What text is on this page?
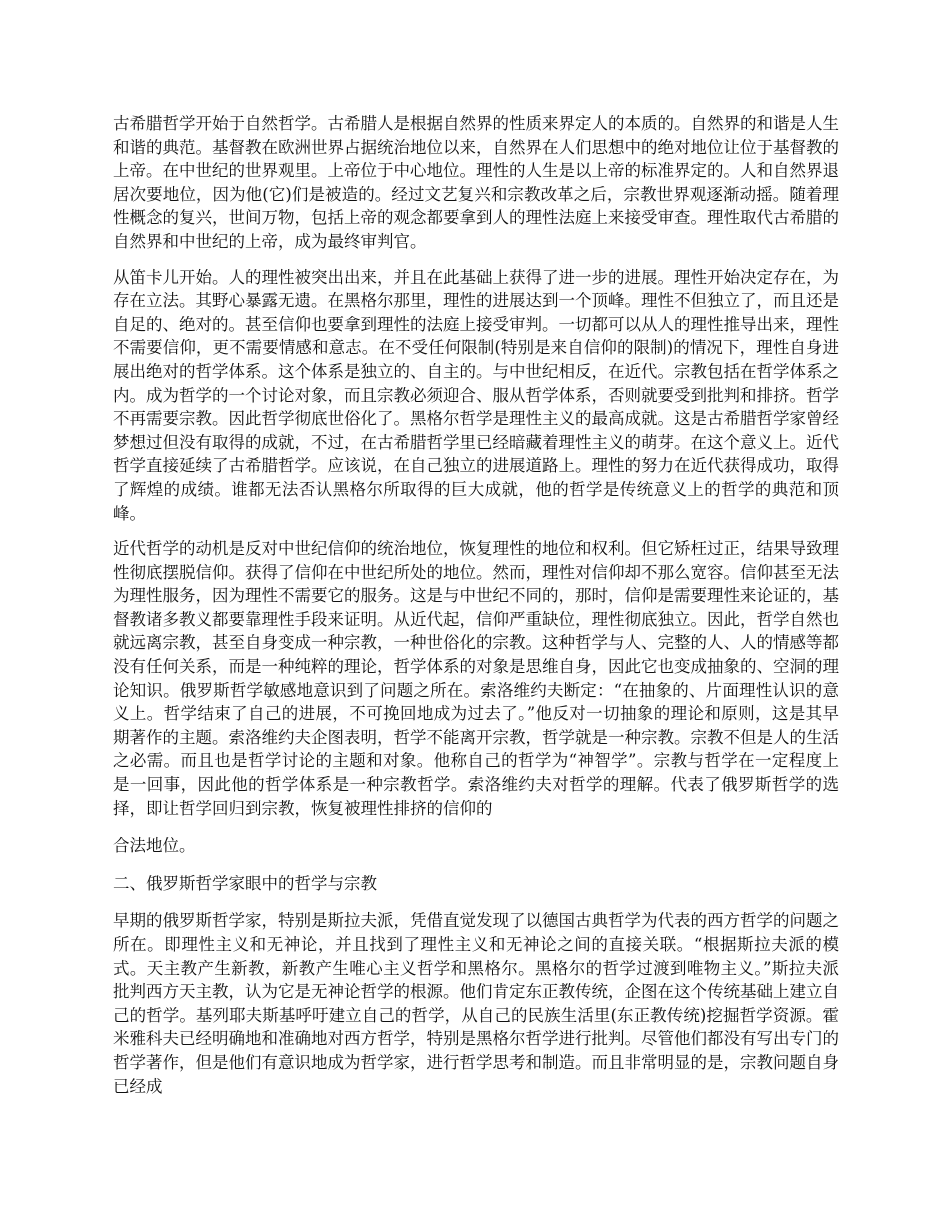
古希腊哲学开始于自然哲学。古希腊人是根据自然界的性质来界定人的本质的。自然界的和谐是人生和谐的典范。基督教在欧洲世界占据统治地位以来，自然界在人们思想中的绝对地位让位于基督教的上帝。在中世纪的世界观里。上帝位于中心地位。理性的人生是以上帝的标准界定的。人和自然界退居次要地位，因为他(它)们是被造的。经过文艺复兴和宗教改革之后，宗教世界观逐渐动摇。随着理性概念的复兴，世间万物，包括上帝的观念都要拿到人的理性法庭上来接受审查。理性取代古希腊的自然界和中世纪的上帝，成为最终审判官。

从笛卡儿开始。人的理性被突出出来，并且在此基础上获得了进一步的进展。理性开始决定存在，为存在立法。其野心暴露无遗。在黑格尔那里，理性的进展达到一个顶峰。理性不但独立了，而且还是自足的、绝对的。甚至信仰也要拿到理性的法庭上接受审判。一切都可以从人的理性推导出来，理性不需要信仰，更不需要情感和意志。在不受任何限制(特别是来自信仰的限制)的情况下，理性自身进展出绝对的哲学体系。这个体系是独立的、自主的。与中世纪相反，在近代。宗教包括在哲学体系之内。成为哲学的一个讨论对象，而且宗教必须迎合、服从哲学体系，否则就要受到批判和排挤。哲学不再需要宗教。因此哲学彻底世俗化了。黑格尔哲学是理性主义的最高成就。这是古希腊哲学家曾经梦想过但没有取得的成就，不过，在古希腊哲学里已经暗藏着理性主义的萌芽。在这个意义上。近代哲学直接延续了古希腊哲学。应该说，在自己独立的进展道路上。理性的努力在近代获得成功，取得了辉煌的成绩。谁都无法否认黑格尔所取得的巨大成就，他的哲学是传统意义上的哲学的典范和顶峰。

近代哲学的动机是反对中世纪信仰的统治地位，恢复理性的地位和权利。但它矫枉过正，结果导致理性彻底摆脱信仰。获得了信仰在中世纪所处的地位。然而，理性对信仰却不那么宽容。信仰甚至无法为理性服务，因为理性不需要它的服务。这是与中世纪不同的，那时，信仰是需要理性来论证的，基督教诸多教义都要靠理性手段来证明。从近代起，信仰严重缺位，理性彻底独立。因此，哲学自然也就远离宗教，甚至自身变成一种宗教，一种世俗化的宗教。这种哲学与人、完整的人、人的情感等都没有任何关系，而是一种纯粹的理论，哲学体系的对象是思维自身，因此它也变成抽象的、空洞的理论知识。俄罗斯哲学敏感地意识到了问题之所在。索洛维约夫断定：“在抽象的、片面理性认识的意义上。哲学结束了自己的进展，不可挽回地成为过去了。”他反对一切抽象的理论和原则，这是其早期著作的主题。索洛维约夫企图表明，哲学不能离开宗教，哲学就是一种宗教。宗教不但是人的生活之必需。而且也是哲学讨论的主题和对象。他称自己的哲学为“神智学”。宗教与哲学在一定程度上是一回事，因此他的哲学体系是一种宗教哲学。索洛维约夫对哲学的理解。代表了俄罗斯哲学的选择，即让哲学回归到宗教，恢复被理性排挤的信仰的

合法地位。

二、俄罗斯哲学家眼中的哲学与宗教

早期的俄罗斯哲学家，特别是斯拉夫派，凭借直觉发现了以德国古典哲学为代表的西方哲学的问题之所在。即理性主义和无神论，并且找到了理性主义和无神论之间的直接关联。“根据斯拉夫派的模式。天主教产生新教，新教产生唯心主义哲学和黑格尔。黑格尔的哲学过渡到唯物主义。”斯拉夫派批判西方天主教，认为它是无神论哲学的根源。他们肯定东正教传统，企图在这个传统基础上建立自己的哲学。基列耶夫斯基呼吁建立自己的哲学，从自己的民族生活里(东正教传统)挖掘哲学资源。霍米雅科夫已经明确地和准确地对西方哲学，特别是黑格尔哲学进行批判。尽管他们都没有写出专门的哲学著作，但是他们有意识地成为哲学家，进行哲学思考和制造。而且非常明显的是，宗教问题自身已经成
